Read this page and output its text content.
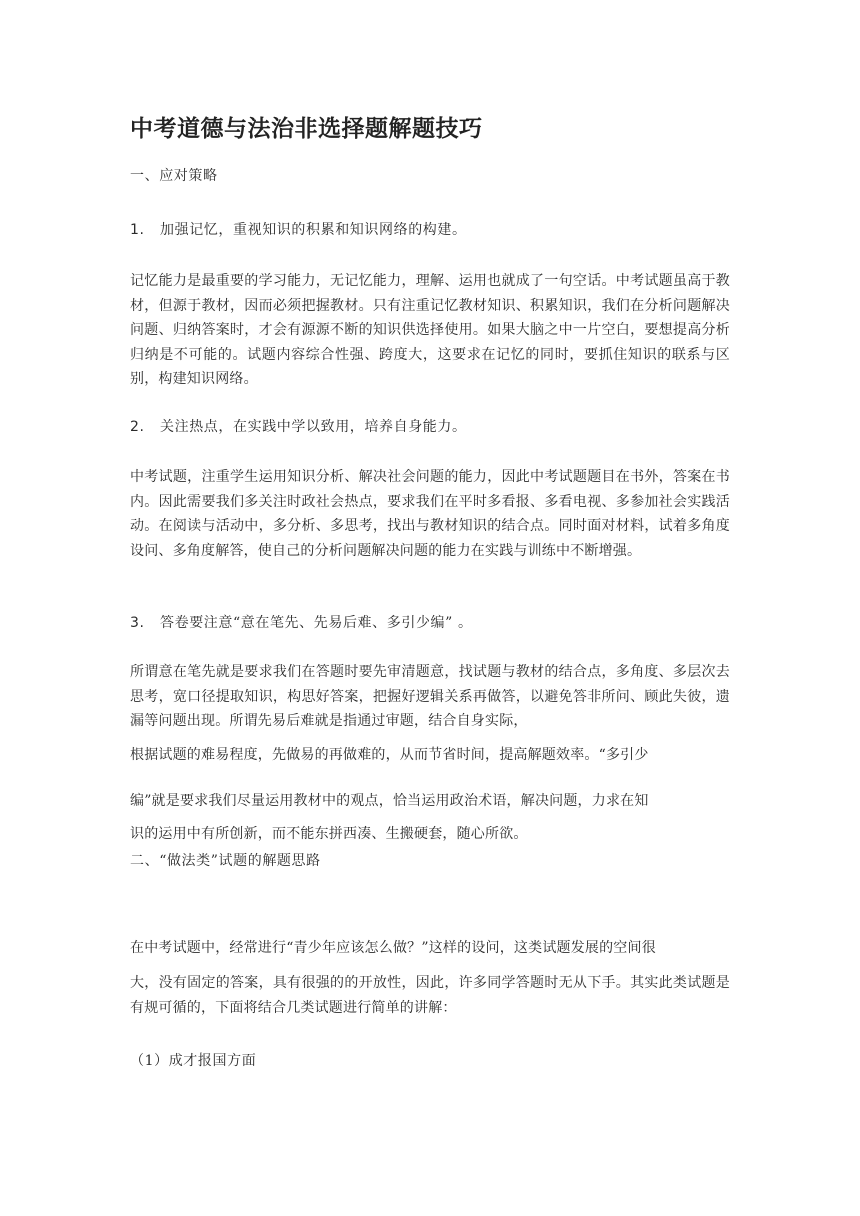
中考道德与法治非选择题解题技巧

一、应对策略

1. 加强记忆，重视知识的积累和知识网络的构建。

记忆能力是最重要的学习能力，无记忆能力，理解、运用也就成了一句空话。中考试题虽高于教材，但源于教材，因而必须把握教材。只有注重记忆教材知识、积累知识，我们在分析问题解决问题、归纳答案时，才会有源源不断的知识供选择使用。如果大脑之中一片空白，要想提高分析归纳是不可能的。试题内容综合性强、跨度大，这要求在记忆的同时，要抓住知识的联系与区别，构建知识网络。

2. 关注热点，在实践中学以致用，培养自身能力。

中考试题，注重学生运用知识分析、解决社会问题的能力，因此中考试题题目在书外，答案在书内。因此需要我们多关注时政社会热点，要求我们在平时多看报、多看电视、多参加社会实践活动。在阅读与活动中，多分析、多思考，找出与教材知识的结合点。同时面对材料，试着多角度设问、多角度解答，使自己的分析问题解决问题的能力在实践与训练中不断增强。

3. 答卷要注意“意在笔先、先易后难、多引少编” 。

所谓意在笔先就是要求我们在答题时要先审清题意，找试题与教材的结合点，多角度、多层次去思考，宽口径提取知识，构思好答案，把握好逻辑关系再做答，以避免答非所问、顾此失彼，遗漏等问题出现。所谓先易后难就是指通过审题，结合自身实际，

根据试题的难易程度，先做易的再做难的，从而节省时间，提高解题效率。“多引少

编”就是要求我们尽量运用教材中的观点，恰当运用政治术语，解决问题，力求在知

识的运用中有所创新，而不能东拼西凑、生搬硬套，随心所欲。

二、“做法类”试题的解题思路

在中考试题中，经常进行“青少年应该怎么做？”这样的设问，这类试题发展的空间很

大，没有固定的答案，具有很强的的开放性，因此，许多同学答题时无从下手。其实此类试题是有规可循的，下面将结合几类试题进行简单的讲解：

（1）成才报国方面
